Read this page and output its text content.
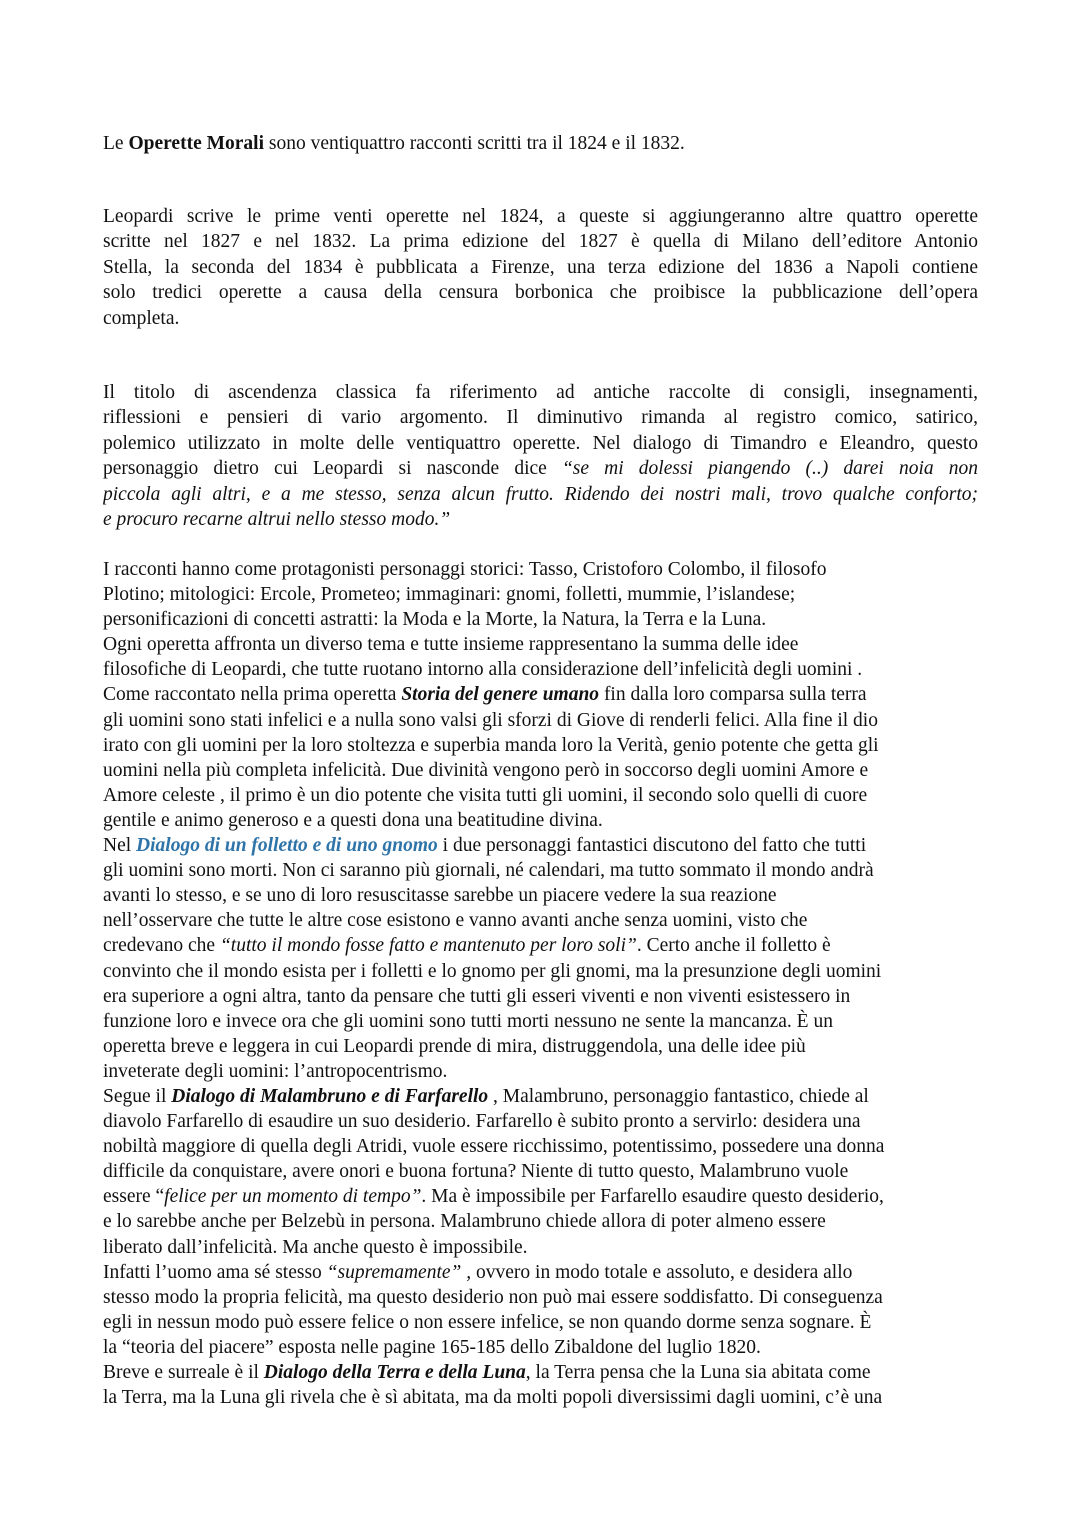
Le Operette Morali sono ventiquattro racconti scritti tra il 1824 e il 1832.
Leopardi scrive le prime venti operette nel 1824, a queste si aggiungeranno altre quattro operette
scritte nel 1827 e nel 1832. La prima edizione del 1827 è quella di Milano dell’editore Antonio
Stella, la seconda del 1834 è pubblicata a Firenze, una terza edizione del 1836 a Napoli contiene
solo tredici operette a causa della censura borbonica che proibisce la pubblicazione dell’opera
completa.
Il titolo di ascendenza classica fa riferimento ad antiche raccolte di consigli, insegnamenti,
riflessioni e pensieri di vario argomento. Il diminutivo rimanda al registro comico, satirico,
polemico utilizzato in molte delle ventiquattro operette. Nel dialogo di Timandro e Eleandro, questo
personaggio dietro cui Leopardi si nasconde dice “se mi dolessi piangendo (..) darei noia non
piccola agli altri, e a me stesso, senza alcun frutto. Ridendo dei nostri mali, trovo qualche conforto;
e procuro recarne altrui nello stesso modo.”
I racconti hanno come protagonisti personaggi storici: Tasso, Cristoforo Colombo, il filosofo
Plotino; mitologici: Ercole, Prometeo; immaginari: gnomi, folletti, mummie, l’islandese;
personificazioni di concetti astratti: la Moda e la Morte, la Natura, la Terra e la Luna.
Ogni operetta affronta un diverso tema e tutte insieme rappresentano la summa delle idee
filosofiche di Leopardi, che tutte ruotano intorno alla considerazione dell’infelicità degli uomini .
Come raccontato nella prima operetta Storia del genere umano fin dalla loro comparsa sulla terra
gli uomini sono stati infelici e a nulla sono valsi gli sforzi di Giove di renderli felici. Alla fine il dio
irato con gli uomini per la loro stoltezza e superbia manda loro la Verità, genio potente che getta gli
uomini nella più completa infelicità. Due divinità vengono però in soccorso degli uomini Amore e
Amore celeste , il primo è un dio potente che visita tutti gli uomini, il secondo solo quelli di cuore
gentile e animo generoso e a questi dona una beatitudine divina.
Nel Dialogo di un folletto e di uno gnomo i due personaggi fantastici discutono del fatto che tutti
gli uomini sono morti. Non ci saranno più giornali, né calendari, ma tutto sommato il mondo andrà
avanti lo stesso, e se uno di loro resuscitasse sarebbe un piacere vedere la sua reazione
nell’osservare che tutte le altre cose esistono e vanno avanti anche senza uomini, visto che
credevano che “tutto il mondo fosse fatto e mantenuto per loro soli”. Certo anche il folletto è
convinto che il mondo esista per i folletti e lo gnomo per gli gnomi, ma la presunzione degli uomini
era superiore a ogni altra, tanto da pensare che tutti gli esseri viventi e non viventi esistessero in
funzione loro e invece ora che gli uomini sono tutti morti nessuno ne sente la mancanza. È un
operetta breve e leggera in cui Leopardi prende di mira, distruggendola, una delle idee più
inveterate degli uomini: l’antropocentrismo.
Segue il Dialogo di Malambruno e di Farfarello , Malambruno, personaggio fantastico, chiede al
diavolo Farfarello di esaudire un suo desiderio. Farfarello è subito pronto a servirlo: desidera una
nobiltà maggiore di quella degli Atridi, vuole essere ricchissimo, potentissimo, possedere una donna
difficile da conquistare, avere onori e buona fortuna? Niente di tutto questo, Malambruno vuole
essere “felice per un momento di tempo”. Ma è impossibile per Farfarello esaudire questo desiderio,
e lo sarebbe anche per Belzebù in persona. Malambruno chiede allora di poter almeno essere
liberato dall’infelicità. Ma anche questo è impossibile.
Infatti l’uomo ama sé stesso “supremamente” , ovvero in modo totale e assoluto, e desidera allo
stesso modo la propria felicità, ma questo desiderio non può mai essere soddisfatto. Di conseguenza
egli in nessun modo può essere felice o non essere infelice, se non quando dorme senza sognare. È
la “teoria del piacere” esposta nelle pagine 165-185 dello Zibaldone del luglio 1820.
Breve e surreale è il Dialogo della Terra e della Luna, la Terra pensa che la Luna sia abitata come
la Terra, ma la Luna gli rivela che è sì abitata, ma da molti popoli diversissimi dagli uomini, c’è una
